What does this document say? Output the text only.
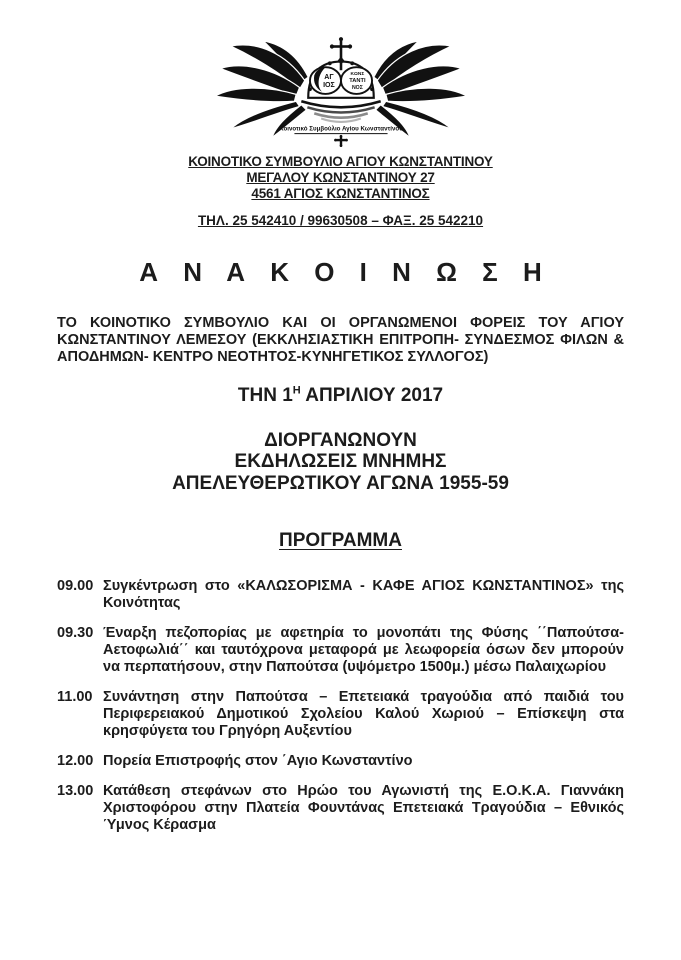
ΑΓ
ΙΟΣ
ΚΩΝΣ
ΤΑΝΤΙ
ΝΟΣ
Κοινοτικό Συμβούλιο Αγίου Κωνσταντίνου
ΚΟΙΝΟΤΙΚΟ ΣΥΜΒΟΥΛΙΟ ΑΓΙΟΥ ΚΩΝΣΤΑΝΤΙΝΟΥ
ΜΕΓΑΛΟΥ ΚΩΝΣΤΑΝΤΙΝΟΥ 27
4561 ΑΓΙΟΣ ΚΩΝΣΤΑΝΤΙΝΟΣ
ΤΗΛ. 25 542410 / 99630508 – ΦΑΞ. 25 542210
Α Ν Α Κ Ο Ι Ν Ω Σ Η
ΤΟ ΚΟΙΝΟΤΙΚΟ ΣΥΜΒΟΥΛΙΟ ΚΑΙ ΟΙ ΟΡΓΑΝΩΜΕΝΟΙ ΦΟΡΕΙΣ ΤΟΥ ΑΓΙΟΥ ΚΩΝΣΤΑΝΤΙΝΟΥ ΛΕΜΕΣΟΥ (ΕΚΚΛΗΣΙΑΣΤΙΚΗ ΕΠΙΤΡΟΠΗ- ΣΥΝΔΕΣΜΟΣ ΦΙΛΩΝ & ΑΠΟΔΗΜΩΝ- ΚΕΝΤΡΟ ΝΕΟΤΗΤΟΣ-ΚΥΝΗΓΕΤΙΚΟΣ ΣΥΛΛΟΓΟΣ)
ΤΗΝ $1^H$ ΑΠΡΙΛΙΟΥ 2017
ΔΙΟΡΓΑΝΩΝΟΥΝ
ΕΚΔΗΛΩΣΕΙΣ ΜΝΗΜΗΣ
ΑΠΕΛΕΥΘΕΡΩΤΙΚΟΥ ΑΓΩΝΑ 1955-59
ΠΡΟΓΡΑΜΜΑ
09.00 Συγκέντρωση στο «ΚΑΛΩΣΟΡΙΣΜΑ - ΚΑΦΕ ΑΓΙΟΣ ΚΩΝΣΤΑΝΤΙΝΟΣ» της Κοινότητας
09.30 Έναρξη πεζοπορίας με αφετηρία το μονοπάτι της Φύσης ΄΄Παπούτσα-Αετοφωλιά΄΄ και ταυτόχρονα μεταφορά με λεωφορεία όσων δεν μπορούν να περπατήσουν, στην Παπούτσα (υψόμετρο 1500μ.) μέσω Παλαιχωρίου
11.00 Συνάντηση στην Παπούτσα – Επετειακά τραγούδια από παιδιά του Περιφερειακού Δημοτικού Σχολείου Καλού Χωριού – Επίσκεψη στα κρησφύγετα του Γρηγόρη Αυξεντίου
12.00 Πορεία Επιστροφής στον ΄Αγιο Κωνσταντίνο
13.00 Κατάθεση στεφάνων στο Ηρώο του Αγωνιστή της Ε.Ο.Κ.Α. Γιαννάκη Χριστοφόρου στην Πλατεία Φουντάνας Επετειακά Τραγούδια – Εθνικός Ύμνος Κέρασμα
